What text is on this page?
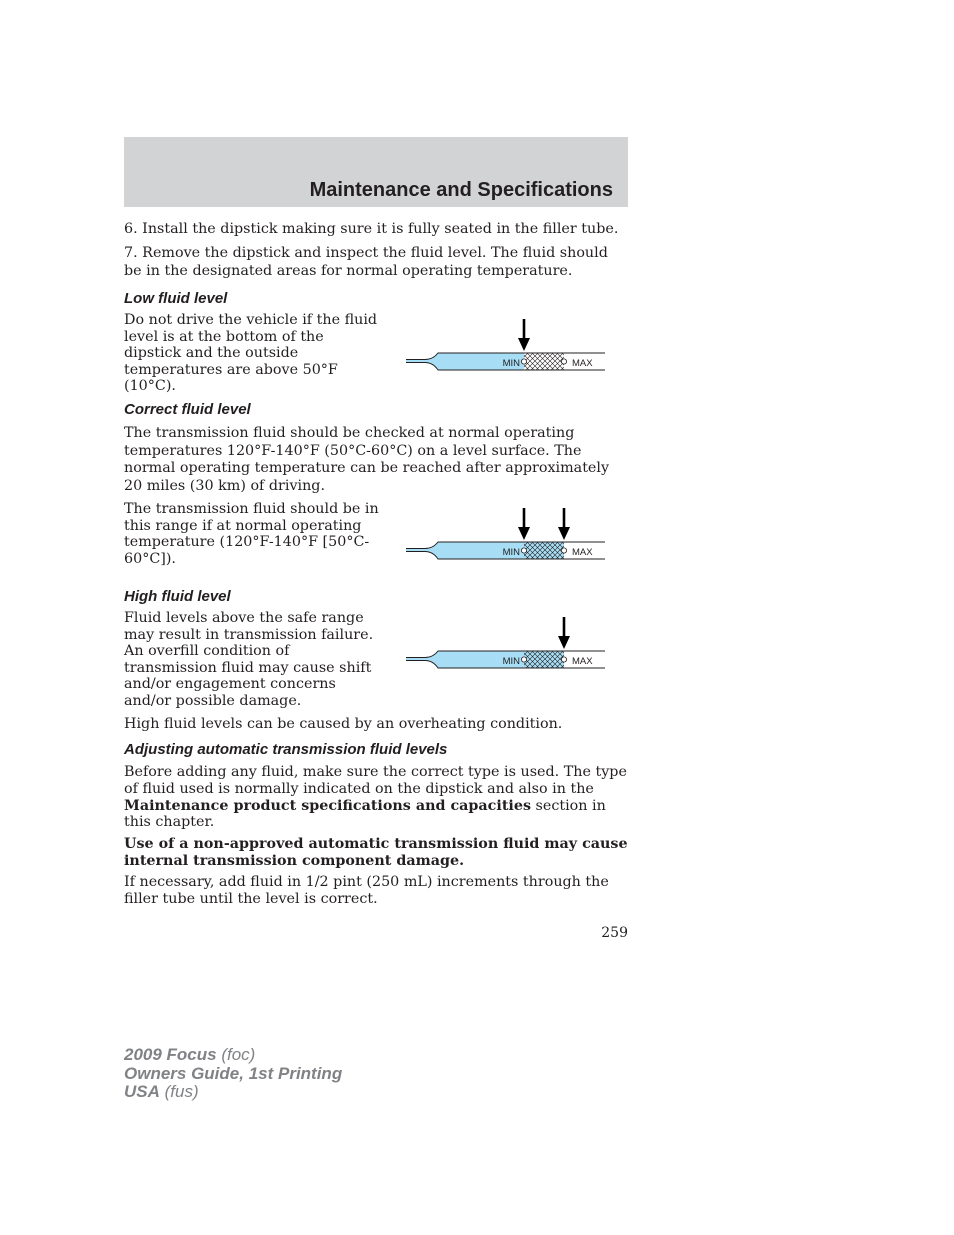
Maintenance and Specifications

6. Install the dipstick making sure it is fully seated in the filler tube.

7. Remove the dipstick and inspect the fluid level. The fluid should be in the designated areas for normal operating temperature.

Low fluid level

Do not drive the vehicle if the fluid level is at the bottom of the dipstick and the outside temperatures are above 50°F (10°C).

MIN	MAX
Correct fluid level

The transmission fluid should be checked at normal operating temperatures 120°F-140°F (50°C-60°C) on a level surface. The normal operating temperature can be reached after approximately 20 miles (30 km) of driving.

The transmission fluid should be in this range if at normal operating temperature (120°F-140°F [50°C-60°C]).	MIN	MAX
High fluid level

Fluid levels above the safe range may result in transmission failure. An overfill condition of transmission fluid may cause shift and/or engagement concerns and/or possible damage.

MIN	MAX

High fluid levels can be caused by an overheating condition.

Adjusting automatic transmission fluid levels

Before adding any fluid, make sure the correct type is used. The type of fluid used is normally indicated on the dipstick and also in the Maintenance product specifications and capacities section in this chapter.

Use of a non-approved automatic transmission fluid may cause internal transmission component damage.

If necessary, add fluid in 1/2 pint (250 mL) increments through the filler tube until the level is correct.

259
2009 Focus (foc)
Owners Guide, 1st Printing
USA (fus)
